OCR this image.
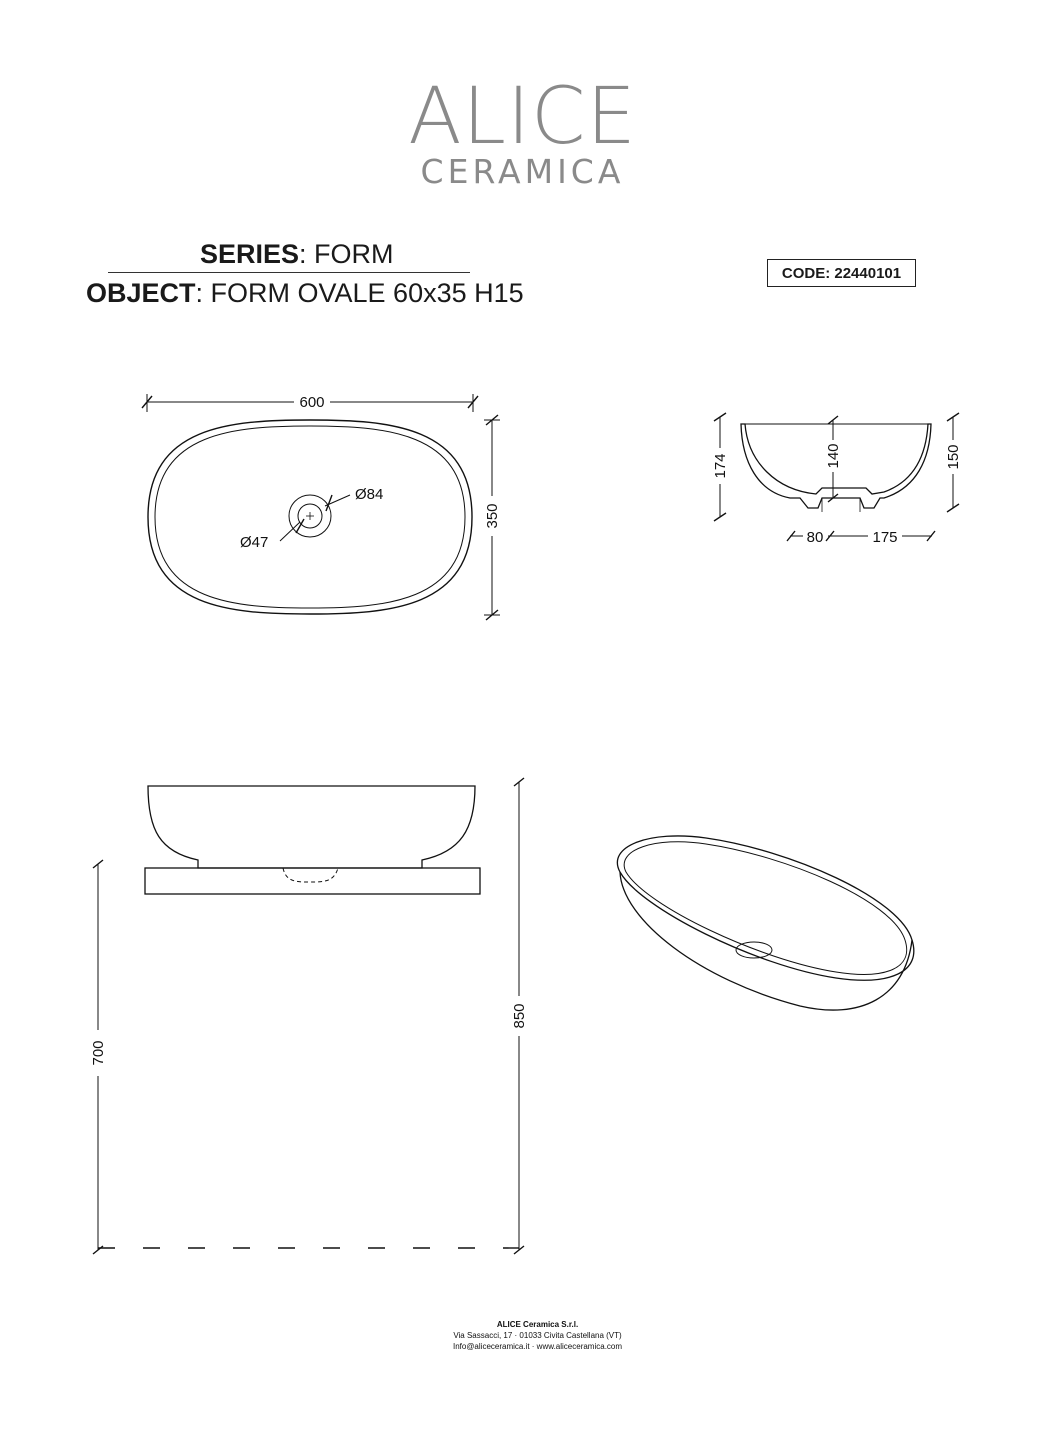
ALICE
CERAMICA
SERIES: FORM
OBJECT: FORM OVALE 60x35 H15
CODE: 22440101
600
350
Ø84
Ø47
174	140	150
80	175
700
850
ALICE Ceramica S.r.l.
Via Sassacci, 17 · 01033 Civita Castellana (VT)
Info@aliceceramica.it · www.aliceceramica.com
